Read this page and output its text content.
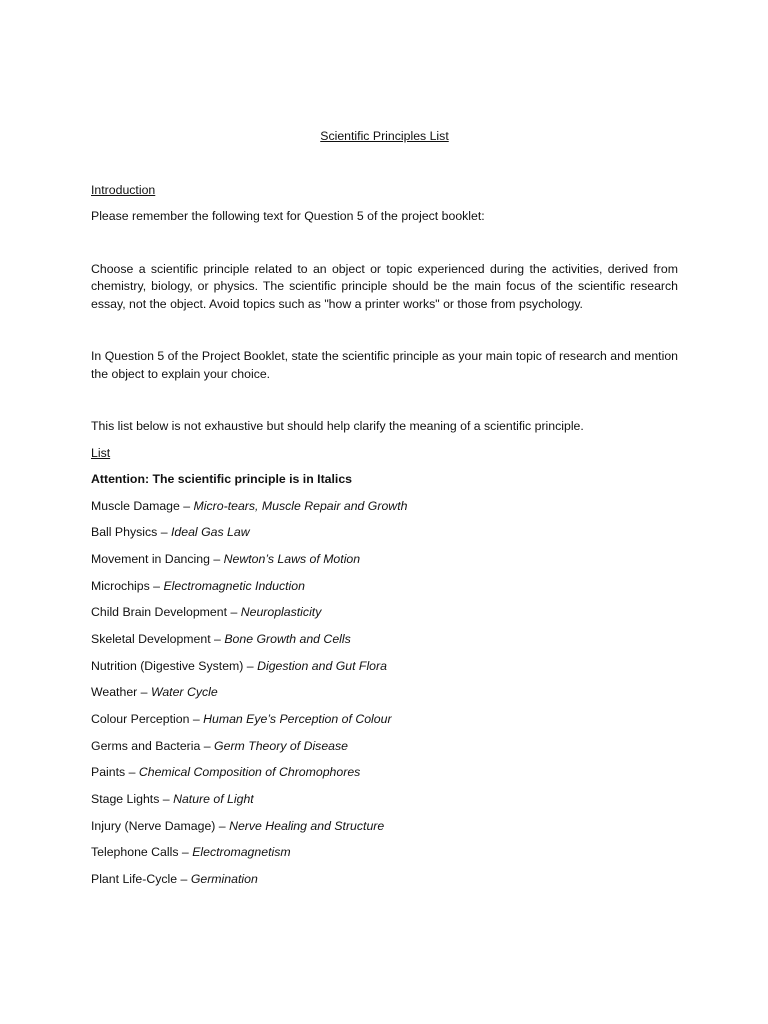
Scientific Principles List
Introduction
Please remember the following text for Question 5 of the project booklet:
Choose a scientific principle related to an object or topic experienced during the activities, derived from chemistry, biology, or physics. The scientific principle should be the main focus of the scientific research essay, not the object. Avoid topics such as "how a printer works" or those from psychology.
In Question 5 of the Project Booklet, state the scientific principle as your main topic of research and mention the object to explain your choice.
This list below is not exhaustive but should help clarify the meaning of a scientific principle.
List
Attention: The scientific principle is in Italics
Muscle Damage – Micro-tears, Muscle Repair and Growth
Ball Physics – Ideal Gas Law
Movement in Dancing – Newton’s Laws of Motion
Microchips – Electromagnetic Induction
Child Brain Development – Neuroplasticity
Skeletal Development – Bone Growth and Cells
Nutrition (Digestive System) – Digestion and Gut Flora
Weather – Water Cycle
Colour Perception – Human Eye’s Perception of Colour
Germs and Bacteria – Germ Theory of Disease
Paints – Chemical Composition of Chromophores
Stage Lights – Nature of Light
Injury (Nerve Damage) – Nerve Healing and Structure
Telephone Calls – Electromagnetism
Plant Life-Cycle – Germination
